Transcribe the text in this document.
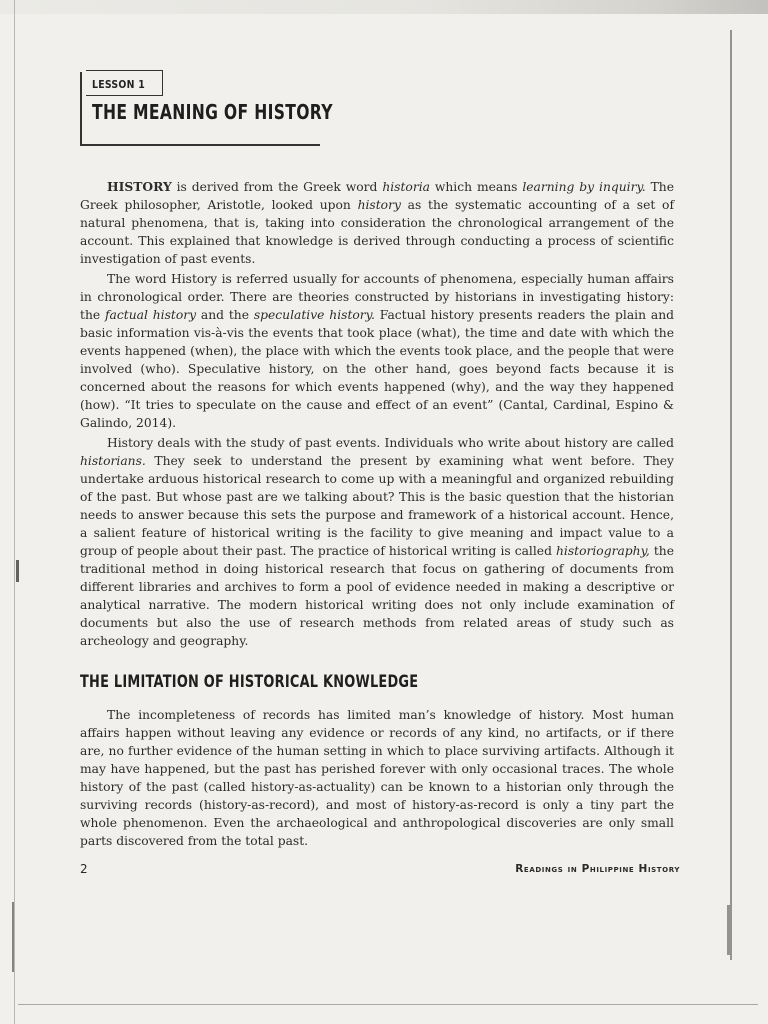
LESSON 1
THE MEANING OF HISTORY

HISTORY is derived from the Greek word historia which means learning by inquiry. The Greek philosopher, Aristotle, looked upon history as the systematic accounting of a set of natural phenomena, that is, taking into consideration the chronological arrangement of the account. This explained that knowledge is derived through conducting a process of scientific investigation of past events.

The word History is referred usually for accounts of phenomena, especially human affairs in chronological order. There are theories constructed by historians in investigating history: the factual history and the speculative history. Factual history presents readers the plain and basic information vis-à-vis the events that took place (what), the time and date with which the events happened (when), the place with which the events took place, and the people that were involved (who). Speculative history, on the other hand, goes beyond facts because it is concerned about the reasons for which events happened (why), and the way they happened (how). “It tries to speculate on the cause and effect of an event” (Cantal, Cardinal, Espino & Galindo, 2014).

History deals with the study of past events. Individuals who write about history are called historians. They seek to understand the present by examining what went before. They undertake arduous historical research to come up with a meaningful and organized rebuilding of the past. But whose past are we talking about? This is the basic question that the historian needs to answer because this sets the purpose and framework of a historical account. Hence, a salient feature of historical writing is the facility to give meaning and impact value to a group of people about their past. The practice of historical writing is called historiography, the traditional method in doing historical research that focus on gathering of documents from different libraries and archives to form a pool of evidence needed in making a descriptive or analytical narrative. The modern historical writing does not only include examination of documents but also the use of research methods from related areas of study such as archeology and geography.

THE LIMITATION OF HISTORICAL KNOWLEDGE

The incompleteness of records has limited man’s knowledge of history. Most human affairs happen without leaving any evidence or records of any kind, no artifacts, or if there are, no further evidence of the human setting in which to place surviving artifacts. Although it may have happened, but the past has perished forever with only occasional traces. The whole history of the past (called history-as-actuality) can be known to a historian only through the surviving records (history-as-record), and most of history-as-record is only a tiny part the whole phenomenon. Even the archaeological and anthropological discoveries are only small parts discovered from the total past.

2	Readings in Philippine History
